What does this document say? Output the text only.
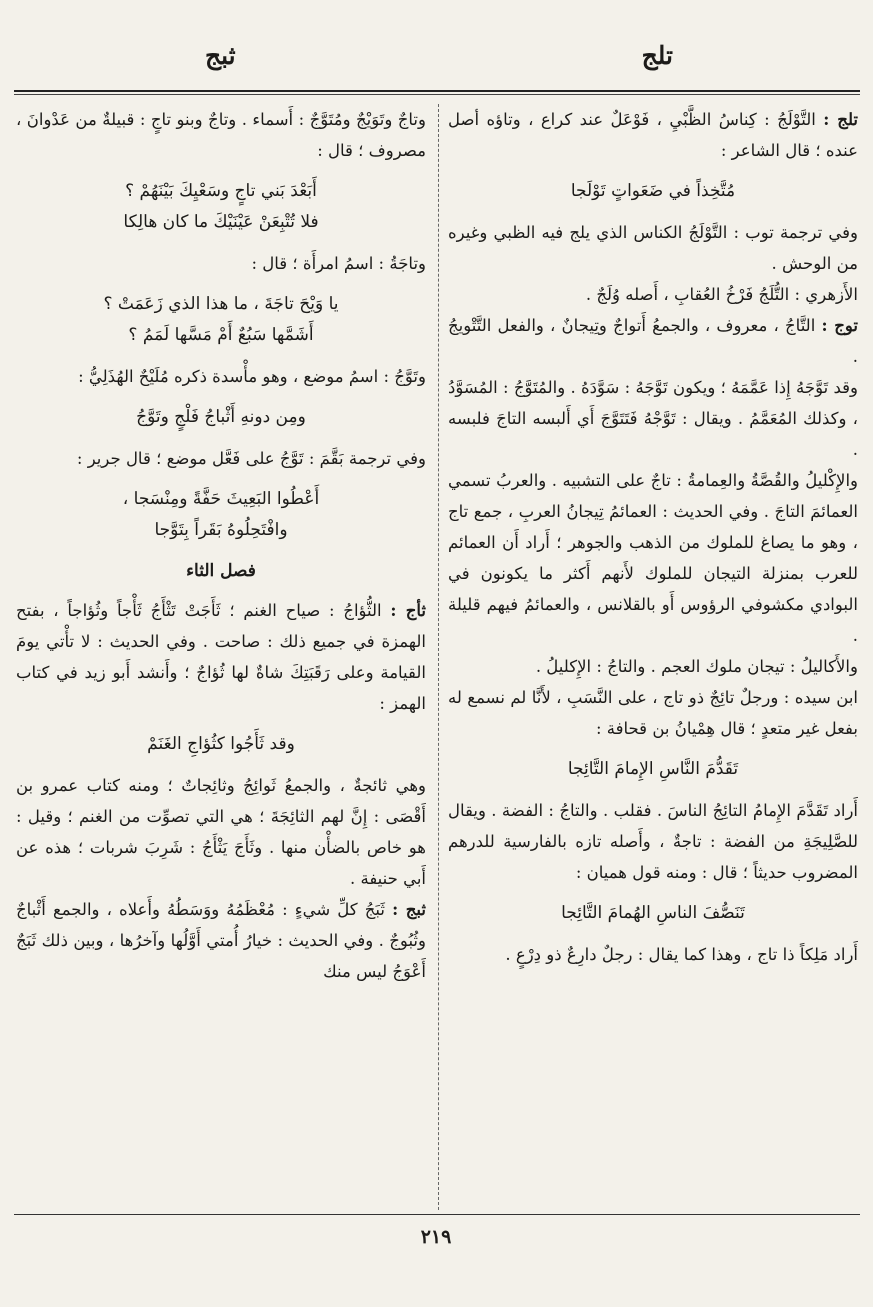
تلج
ثبج

تلج : التَّوْلَجُ : كِناسُ الظَّبْيِ ، فَوْعَلٌ عند كراع ، وتاؤه أصل عنده ؛ قال الشاعر :

مُتَّخِذاً في ضَعَواتٍ تَوْلَجا

وفي ترجمة توب : التَّوْلَجُ الكناس الذي يلج فيه الظبي وغيره من الوحش .

الأَزهري : التُّلَجُ فَرْخُ العُقابِ ، أَصله وُلَجٌ .

توج : التَّاجُ ، معروف ، والجمعُ أَتواجٌ وتِيجانٌ ، والفعل التَّتْويجُ .

وقد تَوَّجَهُ إِذا عَمَّمَهُ ؛ ويكون تَوَّجَهُ : سَوَّدَهُ . والمُتَوَّجُ : المُسَوَّدُ ، وكذلك المُعَمَّمُ . ويقال : تَوَّجْهُ فَتَتَوَّجَ أَي أَلبسه التاجَ فلبسه .

والإِكْليلُ والقُصَّةُ والعِمامةُ : تاجٌ على التشبيه . والعربُ تسمي العمائمَ التاجَ . وفي الحديث : العمائمُ تِيجانُ العربِ ، جمع تاج ، وهو ما يصاغ للملوك من الذهب والجوهر ؛ أَراد أَن العمائم للعرب بمنزلة التيجان للملوك لأَنهم أَكثر ما يكونون في البوادي مكشوفي الرؤوس أَو بالقلانس ، والعمائمُ فيهم قليلة .

والأَكاليلُ : تيجان ملوك العجم . والتاجُ : الإِكليلُ .

ابن سيده : ورجلٌ تائِجٌ ذو تاج ، على النَّسَبِ ، لأَنَّا لم نسمع له بفعل غير متعدٍ ؛ قال هِمْيانُ بن قحافة :

تَقَدُّمَ النَّاسِ الإِمامَ التَّائِجا

أَراد تَقَدَّمَ الإِمامُ التائِجُ الناسَ . فقلب . والتاجُ : الفضة . ويقال للصَّلِيجَةِ من الفضة : تاجةٌ ، وأَصله تازه بالفارسية للدرهم المضروب حديثاً ؛ قال : ومنه قول هميان :

تَنَصُّفَ الناسِ الهُمامَ التَّائِجا

أَراد مَلِكاً ذا تاج ، وهذا كما يقال : رجلٌ دارِعٌ ذو دِرْعٍ .

وتاجٌ وتَوَيْجٌ ومُتَوَّجٌ : أَسماء . وتاجٌ وبنو تاجٍ : قبيلةٌ من عَدْوانَ ، مصروف ؛ قال :

أَبَعْدَ بَني تاجٍ وسَعْيِكَ بَيْنَهُمْ ؟

فلا تُتْبِعَنْ عَيْنَيْكَ ما كان هالِكا

وتاجَةُ : اسمُ امرأَة ؛ قال :

يا وَيْحَ تاجَةَ ، ما هذا الذي زَعَمَتْ ؟

أَشَمَّها سَبُعٌ أَمْ مَسَّها لَمَمُ ؟

وتَوَّجُ : اسمُ موضع ، وهو مأْسدة ذكره مُلَيْحٌ الهُذَلِيُّ :

ومِن دونهِ أَثْباجُ فَلْجٍ وتَوَّجُ

وفي ترجمة بَقَّمَ : تَوَّجُ على فَعَّل موضع ؛ قال جرير :

أَعْطُوا البَعِيثَ حَفَّةً ومِنْسَجا ،

وافْتَحِلُوهُ بَقَراً بِتَوَّجا

فصل الثاء

ثأج : الثُّؤاجُ : صياح الغنم ؛ ثَأَجَتْ تَثْأَجُ ثَأْجاً وثُؤاجاً ، بفتح الهمزة في جميع ذلك : صاحت . وفي الحديث : لا تأْتي يومَ القيامة وعلى رَقَبَتِكَ شاةٌ لها ثُؤاجٌ ؛ وأَنشد أَبو زيد في كتاب الهمز :

وقد ثَأَجُوا كثُؤاجِ الغَنَمْ

وهي ثائجةٌ ، والجمعُ ثَوائِجُ وثائِجاتٌ ؛ ومنه كتاب عمرو بن أَقْصَى : إِنَّ لهم الثائِجَةَ ؛ هي التي تصوِّت من الغنم ؛ وقيل : هو خاص بالضأْن منها . وثَأَجَ يَثْأَجُ : شَرِبَ شربات ؛ هذه عن أَبي حنيفة .

ثبج : ثَبَجُ كلِّ شيءٍ : مُعْظَمُهُ ووَسَطُهُ وأَعلاه ، والجمع أَثْباجٌ وثُبُوجٌ . وفي الحديث : خيارُ أُمتي أَوَّلُها وآخرُها ، وبين ذلك ثَبَجٌ أَعْوَجُ ليس منك

٢١٩
